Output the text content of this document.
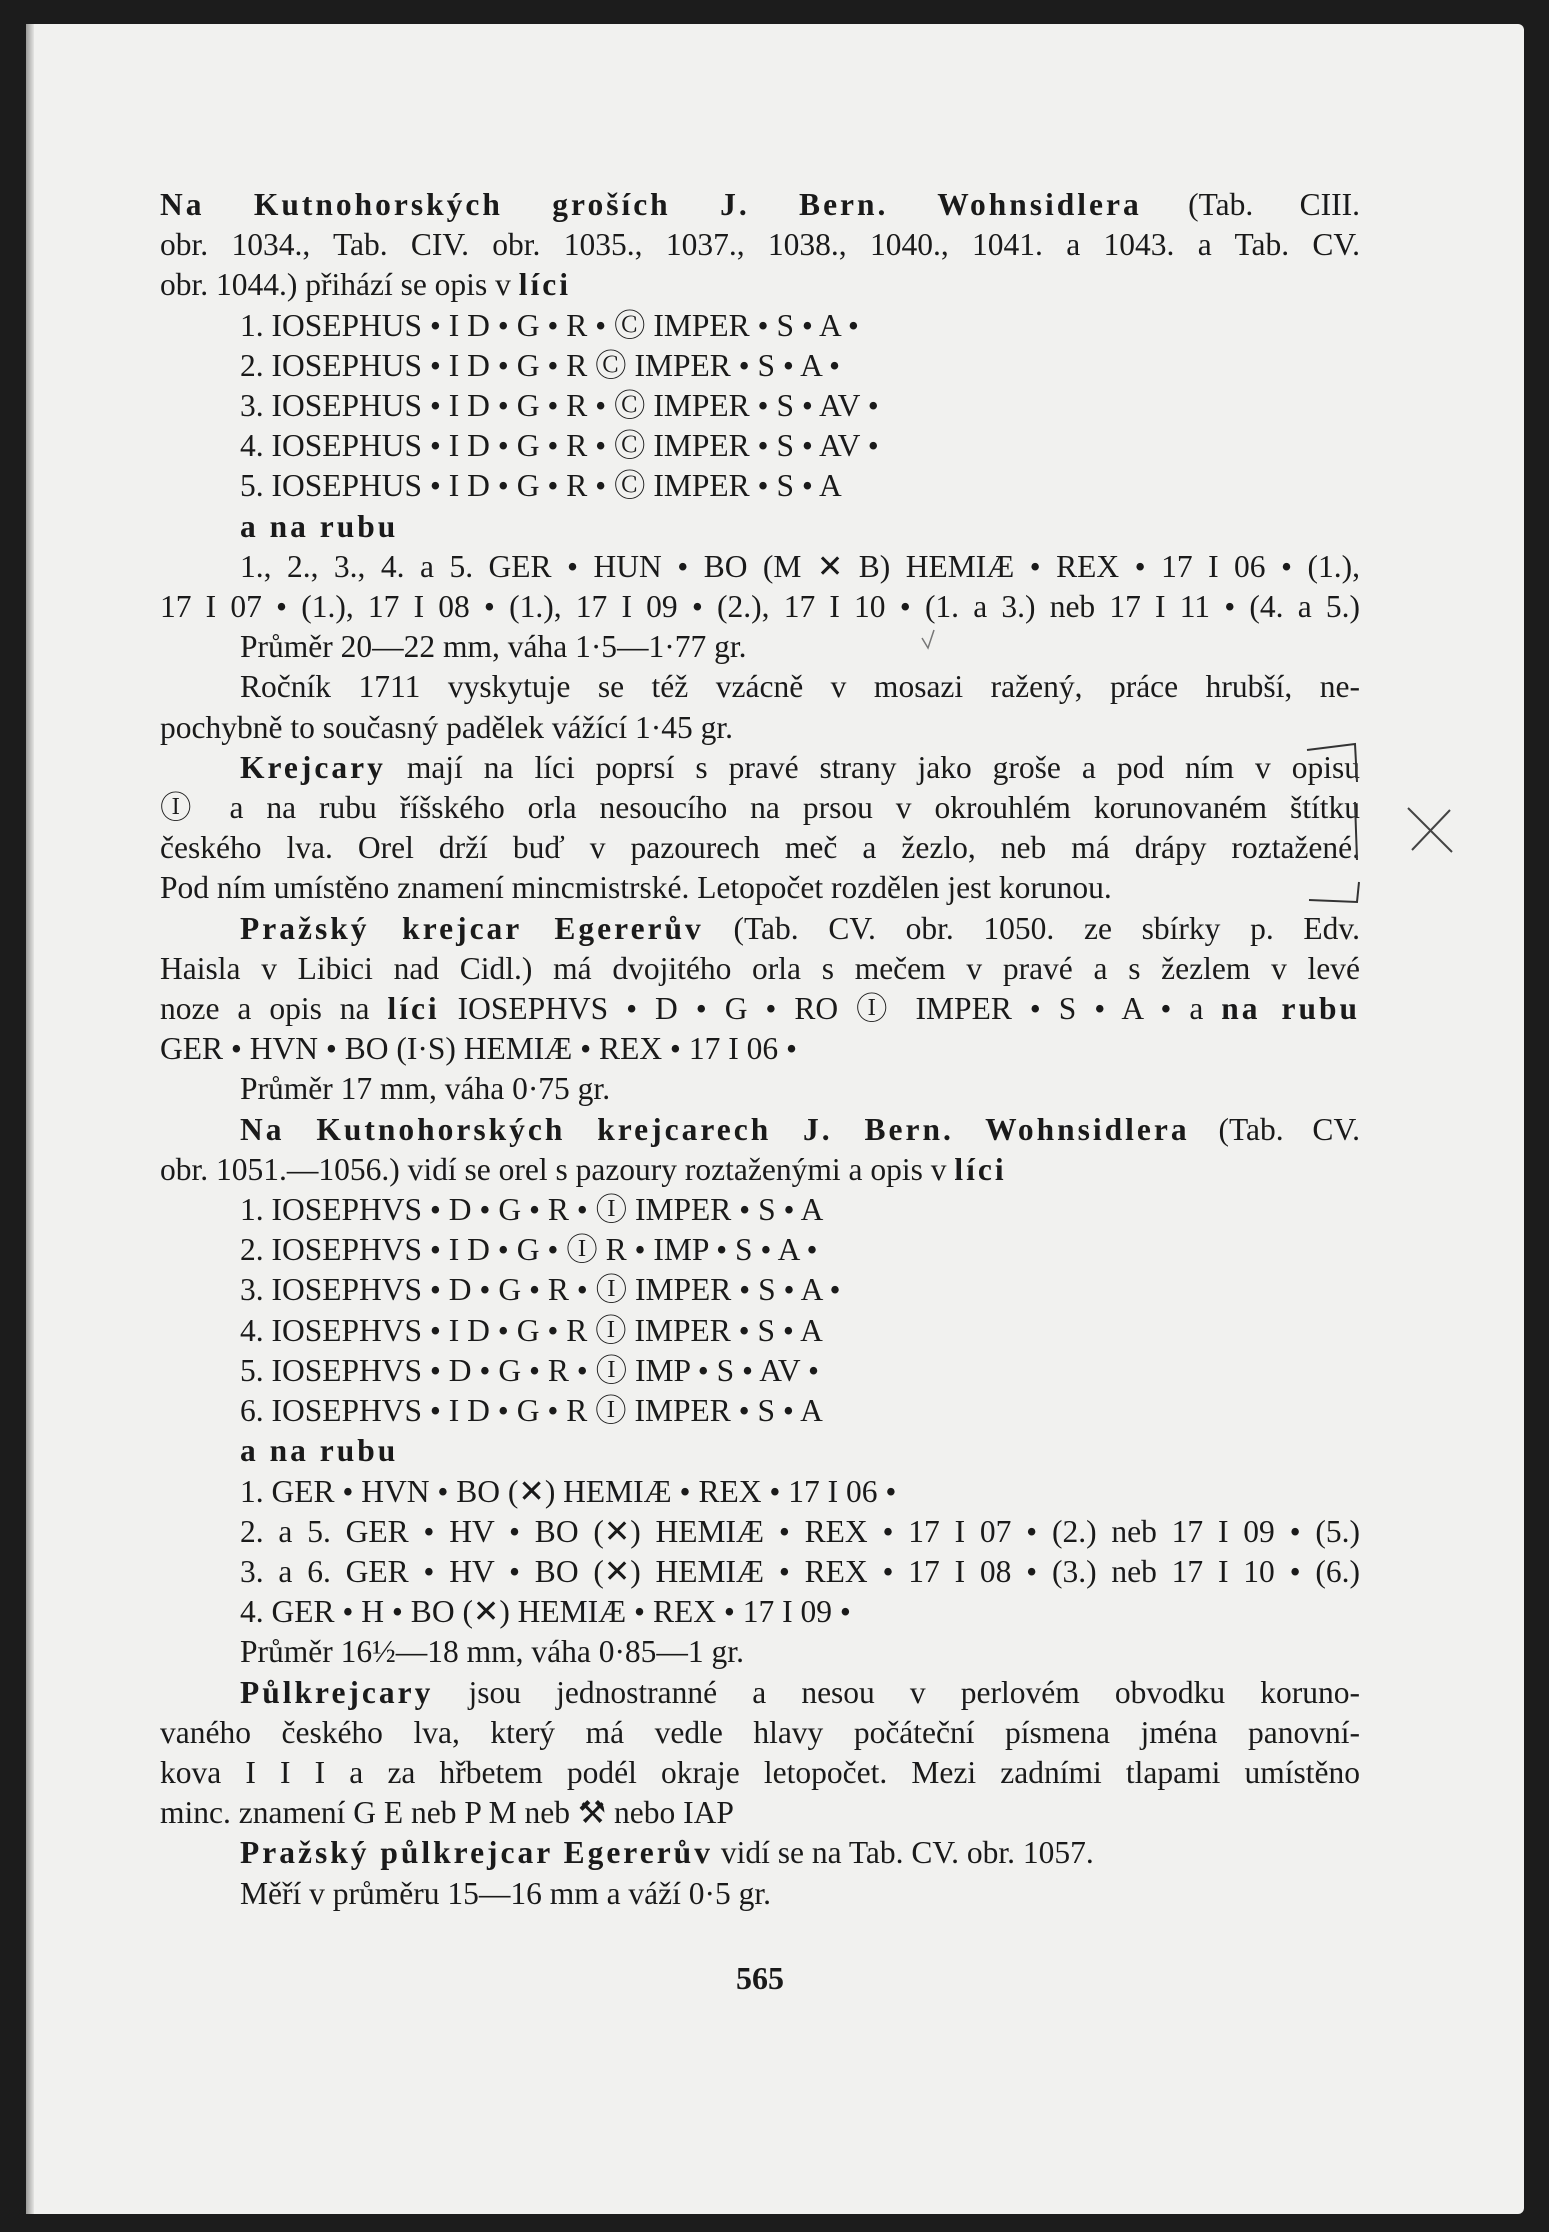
Na Kutnohorských groších J. Bern. Wohnsidlera (Tab. CIII.

obr. 1034., Tab. CIV. obr. 1035., 1037., 1038., 1040., 1041. a 1043. a Tab. CV.

obr. 1044.) přihází se opis v líci

1. IOSEPHUS • I D • G • R • Ⓒ IMPER • S • A •

2. IOSEPHUS • I D • G • R Ⓒ IMPER • S • A •

3. IOSEPHUS • I D • G • R • Ⓒ IMPER • S • AV •

4. IOSEPHUS • I D • G • R • Ⓒ IMPER • S • AV •

5. IOSEPHUS • I D • G • R • Ⓒ IMPER • S • A

a na rubu

1., 2., 3., 4. a 5. GER • HUN • BO (M ✕ B) HEMIÆ • REX • 17 I 06 • (1.),

17 I 07 • (1.), 17 I 08 • (1.), 17 I 09 • (2.), 17 I 10 • (1. a 3.) neb 17 I 11 • (4. a 5.)

Průměr 20—22 mm, váha 1·5—1·77 gr.

Ročník 1711 vyskytuje se též vzácně v mosazi ražený, práce hrubší, ne-

pochybně to současný padělek vážící 1·45 gr.

Krejcary mají na líci poprsí s pravé strany jako groše a pod ním v opisu

Ⓘ a na rubu říšského orla nesoucího na prsou v okrouhlém korunovaném štítku

českého lva. Orel drží buď v pazourech meč a žezlo, neb má drápy roztažené.

Pod ním umístěno znamení mincmistrské. Letopočet rozdělen jest korunou.

Pražský krejcar Egererův (Tab. CV. obr. 1050. ze sbírky p. Edv.

Haisla v Libici nad Cidl.) má dvojitého orla s mečem v pravé a s žezlem v levé

noze a opis na líci IOSEPHVS • D • G • RO Ⓘ IMPER • S • A • a na rubu

GER • HVN • BO (I·S) HEMIÆ • REX • 17 I 06 •

Průměr 17 mm, váha 0·75 gr.

Na Kutnohorských krejcarech J. Bern. Wohnsidlera (Tab. CV.

obr. 1051.—1056.) vidí se orel s pazoury roztaženými a opis v líci

1. IOSEPHVS • D • G • R • Ⓘ IMPER • S • A

2. IOSEPHVS • I D • G • Ⓘ R • IMP • S • A •

3. IOSEPHVS • D • G • R • Ⓘ IMPER • S • A •

4. IOSEPHVS • I D • G • R Ⓘ IMPER • S • A

5. IOSEPHVS • D • G • R • Ⓘ IMP • S • AV •

6. IOSEPHVS • I D • G • R Ⓘ IMPER • S • A

a na rubu

1. GER • HVN • BO (✕) HEMIÆ • REX • 17 I 06 •

2. a 5. GER • HV • BO (✕) HEMIÆ • REX • 17 I 07 • (2.) neb 17 I 09 • (5.)

3. a 6. GER • HV • BO (✕) HEMIÆ • REX • 17 I 08 • (3.) neb 17 I 10 • (6.)

4. GER • H • BO (✕) HEMIÆ • REX • 17 I 09 •

Průměr 16½—18 mm, váha 0·85—1 gr.

Půlkrejcary jsou jednostranné a nesou v perlovém obvodku koruno-

vaného českého lva, který má vedle hlavy počáteční písmena jména panovní-

kova I I I a za hřbetem podél okraje letopočet. Mezi zadními tlapami umístěno

minc. znamení G E neb P M neb ⚒ nebo IAP

Pražský půlkrejcar Egererův vidí se na Tab. CV. obr. 1057.

Měří v průměru 15—16 mm a váží 0·5 gr.

565
